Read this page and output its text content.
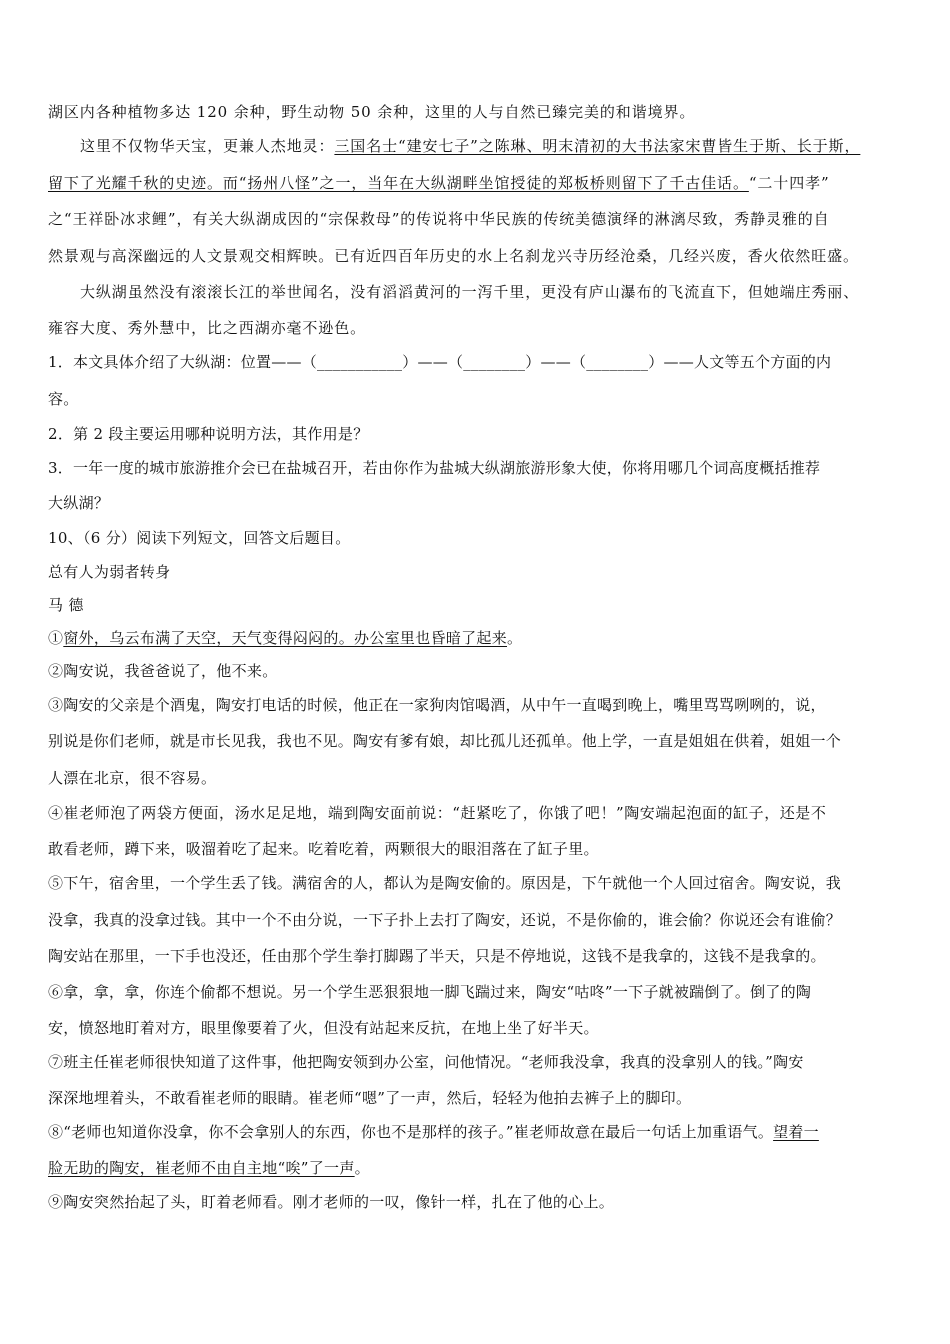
湖区内各种植物多达 120 余种，野生动物 50 余种，这里的人与自然已臻完美的和谐境界。
这里不仅物华天宝，更兼人杰地灵：三国名士“建安七子”之陈琳、明末清初的大书法家宋曹皆生于斯、长于斯，
留下了光耀千秋的史迹。而“扬州八怪”之一，当年在大纵湖畔坐馆授徒的郑板桥则留下了千古佳话。“二十四孝”
之“王祥卧冰求鲤”，有关大纵湖成因的“宗保救母”的传说将中华民族的传统美德演绎的淋漓尽致，秀静灵雅的自
然景观与高深幽远的人文景观交相辉映。已有近四百年历史的水上名刹龙兴寺历经沧桑，几经兴废，香火依然旺盛。
大纵湖虽然没有滚滚长江的举世闻名，没有滔滔黄河的一泻千里，更没有庐山瀑布的飞流直下，但她端庄秀丽、
雍容大度、秀外慧中，比之西湖亦毫不逊色。
1．本文具体介绍了大纵湖：位置——（___________）——（________）——（________）——人文等五个方面的内
容。
2．第 2 段主要运用哪种说明方法，其作用是？
3．一年一度的城市旅游推介会已在盐城召开，若由你作为盐城大纵湖旅游形象大使，你将用哪几个词高度概括推荐
大纵湖？
10、（6 分）阅读下列短文，回答文后题目。
总有人为弱者转身
马 德
①窗外，乌云布满了天空，天气变得闷闷的。办公室里也昏暗了起来。
②陶安说，我爸爸说了，他不来。
③陶安的父亲是个酒鬼，陶安打电话的时候，他正在一家狗肉馆喝酒，从中午一直喝到晚上，嘴里骂骂咧咧的，说，
别说是你们老师，就是市长见我，我也不见。陶安有爹有娘，却比孤儿还孤单。他上学，一直是姐姐在供着，姐姐一个
人漂在北京，很不容易。
④崔老师泡了两袋方便面，汤水足足地，端到陶安面前说：“赶紧吃了，你饿了吧！”陶安端起泡面的缸子，还是不
敢看老师，蹲下来，吸溜着吃了起来。吃着吃着，两颗很大的眼泪落在了缸子里。
⑤下午，宿舍里，一个学生丢了钱。满宿舍的人，都认为是陶安偷的。原因是，下午就他一个人回过宿舍。陶安说，我
没拿，我真的没拿过钱。其中一个不由分说，一下子扑上去打了陶安，还说，不是你偷的，谁会偷？你说还会有谁偷？
陶安站在那里，一下手也没还，任由那个学生拳打脚踢了半天，只是不停地说，这钱不是我拿的，这钱不是我拿的。
⑥拿，拿，拿，你连个偷都不想说。另一个学生恶狠狠地一脚飞踹过来，陶安“咕咚”一下子就被踹倒了。倒了的陶
安，愤怒地盯着对方，眼里像要着了火，但没有站起来反抗，在地上坐了好半天。
⑦班主任崔老师很快知道了这件事，他把陶安领到办公室，问他情况。“老师我没拿，我真的没拿别人的钱。”陶安
深深地埋着头，不敢看崔老师的眼睛。崔老师“嗯”了一声，然后，轻轻为他拍去裤子上的脚印。
⑧“老师也知道你没拿，你不会拿别人的东西，你也不是那样的孩子。”崔老师故意在最后一句话上加重语气。望着一
脸无助的陶安，崔老师不由自主地“唉”了一声。
⑨陶安突然抬起了头，盯着老师看。刚才老师的一叹，像针一样，扎在了他的心上。
